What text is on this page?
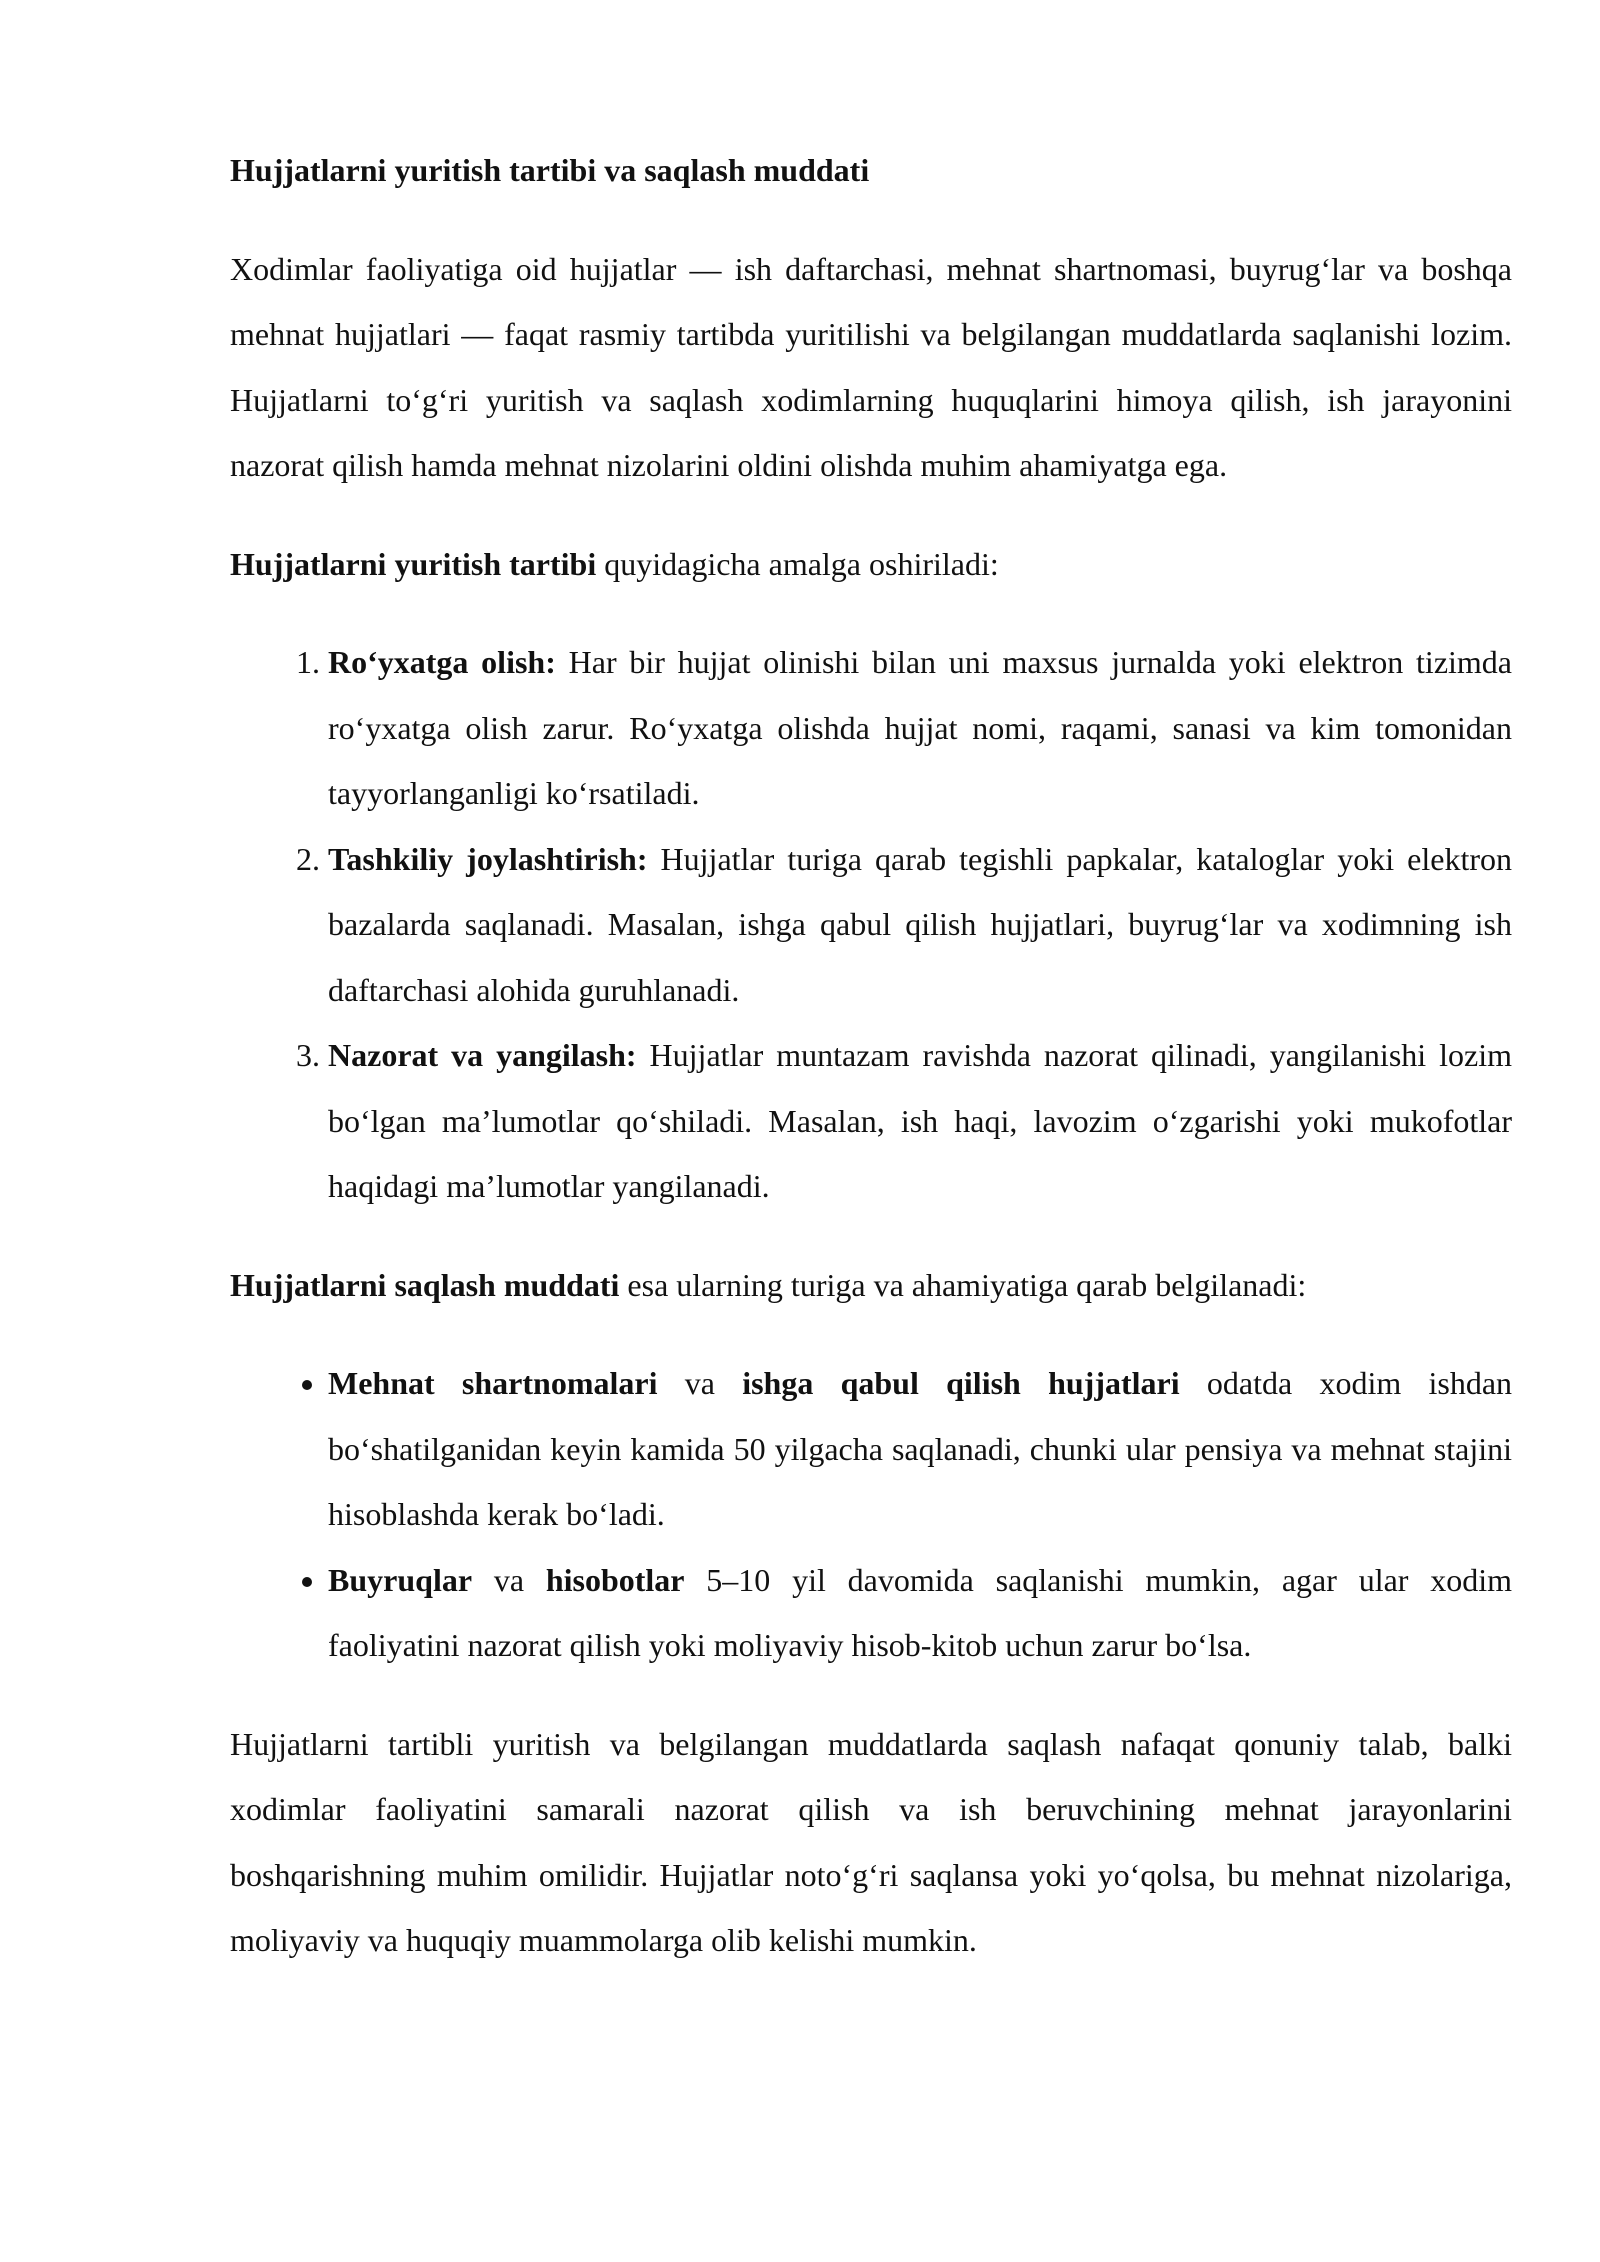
Hujjatlarni yuritish tartibi va saqlash muddati
Xodimlar faoliyatiga oid hujjatlar — ish daftarchasi, mehnat shartnomasi, buyrug‘lar va boshqa mehnat hujjatlari — faqat rasmiy tartibda yuritilishi va belgilangan muddatlarda saqlanishi lozim. Hujjatlarni to‘g‘ri yuritish va saqlash xodimlarning huquqlarini himoya qilish, ish jarayonini nazorat qilish hamda mehnat nizolarini oldini olishda muhim ahamiyatga ega.
Hujjatlarni yuritish tartibi quyidagicha amalga oshiriladi:
1. Ro‘yxatga olish: Har bir hujjat olinishi bilan uni maxsus jurnalda yoki elektron tizimda ro‘yxatga olish zarur. Ro‘yxatga olishda hujjat nomi, raqami, sanasi va kim tomonidan tayyorlanganligi ko‘rsatiladi.
2. Tashkiliy joylashtirish: Hujjatlar turiga qarab tegishli papkalar, kataloglar yoki elektron bazalarda saqlanadi. Masalan, ishga qabul qilish hujjatlari, buyrug‘lar va xodimning ish daftarchasi alohida guruhlanadi.
3. Nazorat va yangilash: Hujjatlar muntazam ravishda nazorat qilinadi, yangilanishi lozim bo‘lgan ma’lumotlar qo‘shiladi. Masalan, ish haqi, lavozim o‘zgarishi yoki mukofotlar haqidagi ma’lumotlar yangilanadi.
Hujjatlarni saqlash muddati esa ularning turiga va ahamiyatiga qarab belgilanadi:
• Mehnat shartnomalari va ishga qabul qilish hujjatlari odatda xodim ishdan bo‘shatilganidan keyin kamida 50 yilgacha saqlanadi, chunki ular pensiya va mehnat stajini hisoblashda kerak bo‘ladi.
• Buyruqlar va hisobotlar 5–10 yil davomida saqlanishi mumkin, agar ular xodim faoliyatini nazorat qilish yoki moliyaviy hisob-kitob uchun zarur bo‘lsa.
Hujjatlarni tartibli yuritish va belgilangan muddatlarda saqlash nafaqat qonuniy talab, balki xodimlar faoliyatini samarali nazorat qilish va ish beruvchining mehnat jarayonlarini boshqarishning muhim omilidir. Hujjatlar noto‘g‘ri saqlansa yoki yo‘qolsa, bu mehnat nizolariga, moliyaviy va huquqiy muammolarga olib kelishi mumkin.
